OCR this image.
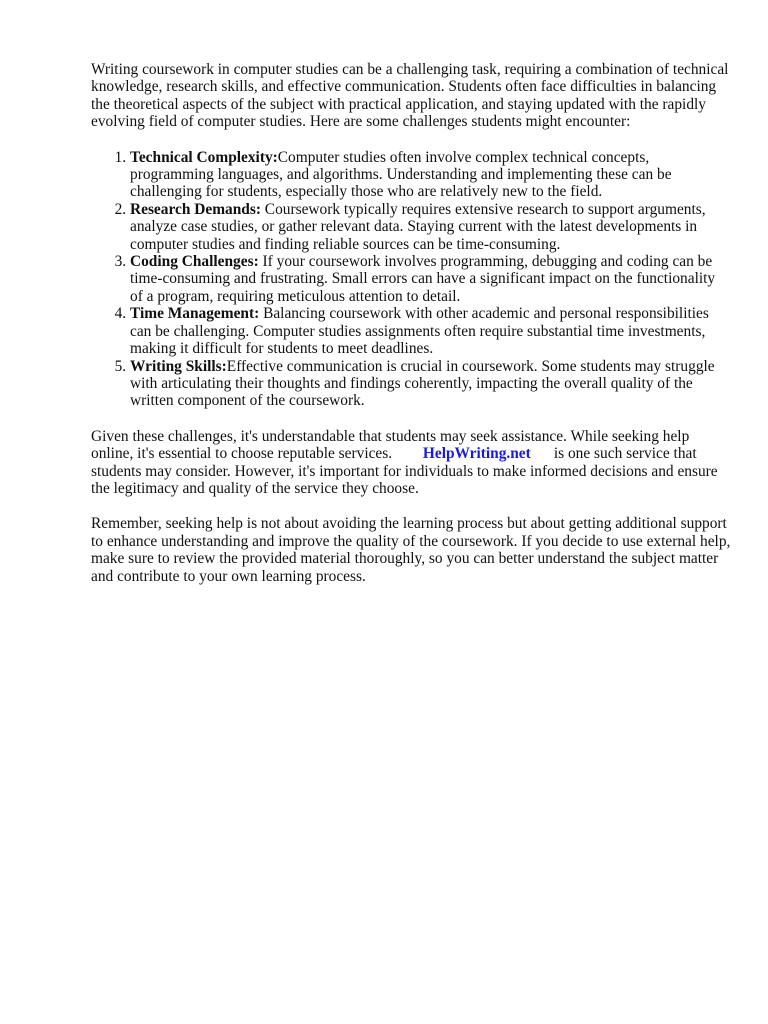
Writing coursework in computer studies can be a challenging task, requiring a combination of technical knowledge, research skills, and effective communication. Students often face difficulties in balancing the theoretical aspects of the subject with practical application, and staying updated with the rapidly evolving field of computer studies. Here are some challenges students might encounter:

1. Technical Complexity:Computer studies often involve complex technical concepts, programming languages, and algorithms. Understanding and implementing these can be challenging for students, especially those who are relatively new to the field.
2. Research Demands: Coursework typically requires extensive research to support arguments, analyze case studies, or gather relevant data. Staying current with the latest developments in computer studies and finding reliable sources can be time-consuming.
3. Coding Challenges: If your coursework involves programming, debugging and coding can be time-consuming and frustrating. Small errors can have a significant impact on the functionality of a program, requiring meticulous attention to detail.
4. Time Management: Balancing coursework with other academic and personal responsibilities can be challenging. Computer studies assignments often require substantial time investments, making it difficult for students to meet deadlines.
5. Writing Skills:Effective communication is crucial in coursework. Some students may struggle with articulating their thoughts and findings coherently, impacting the overall quality of the written component of the coursework.

Given these challenges, it's understandable that students may seek assistance. While seeking help online, it's essential to choose reputable services. HelpWriting.net is one such service that students may consider. However, it's important for individuals to make informed decisions and ensure the legitimacy and quality of the service they choose.

Remember, seeking help is not about avoiding the learning process but about getting additional support to enhance understanding and improve the quality of the coursework. If you decide to use external help, make sure to review the provided material thoroughly, so you can better understand the subject matter and contribute to your own learning process.
